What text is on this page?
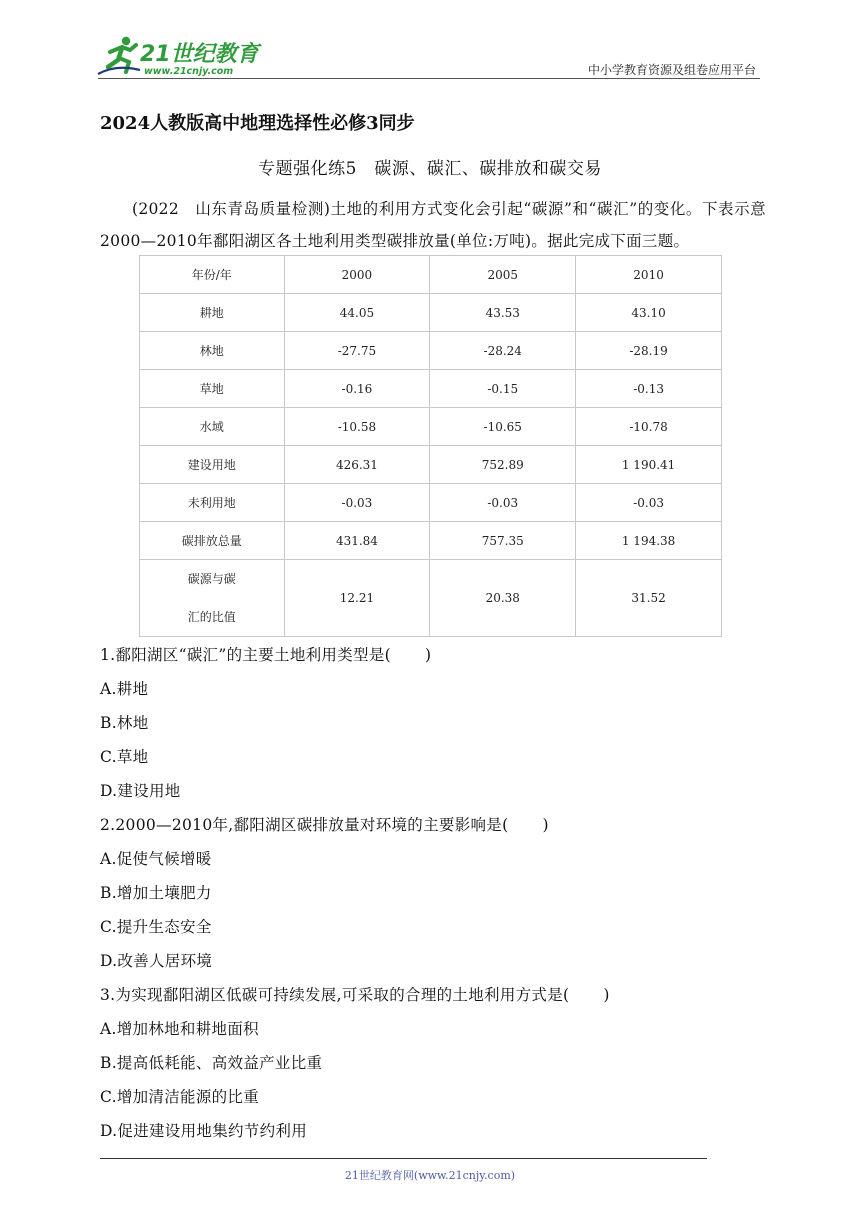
21世纪教育
www.21cnjy.com	中小学教育资源及组卷应用平台
2024人教版高中地理选择性必修3同步
专题强化练5　碳源、碳汇、碳排放和碳交易
(2022　山东青岛质量检测)土地的利用方式变化会引起“碳源”和“碳汇”的变化。下表示意2000—2010年鄱阳湖区各土地利用类型碳排放量(单位:万吨)。据此完成下面三题。
年份/年	2000	2005	2010
耕地	44.05	43.53	43.10
林地	-27.75	-28.24	-28.19
草地	-0.16	-0.15	-0.13
水域	-10.58	-10.65	-10.78
建设用地	426.31	752.89	1 190.41
未利用地	-0.03	-0.03	-0.03
碳排放总量	431.84	757.35	1 194.38

碳源与碳
汇的比值	12.21	20.38	31.52
1.鄱阳湖区“碳汇”的主要土地利用类型是( )
A.耕地
B.林地
C.草地
D.建设用地
2.2000—2010年,鄱阳湖区碳排放量对环境的主要影响是( )
A.促使气候增暖
B.增加土壤肥力
C.提升生态安全
D.改善人居环境
3.为实现鄱阳湖区低碳可持续发展,可采取的合理的土地利用方式是( )
A.增加林地和耕地面积
B.提高低耗能、高效益产业比重
C.增加清洁能源的比重
D.促进建设用地集约节约利用
21世纪教育网(www.21cnjy.com)
